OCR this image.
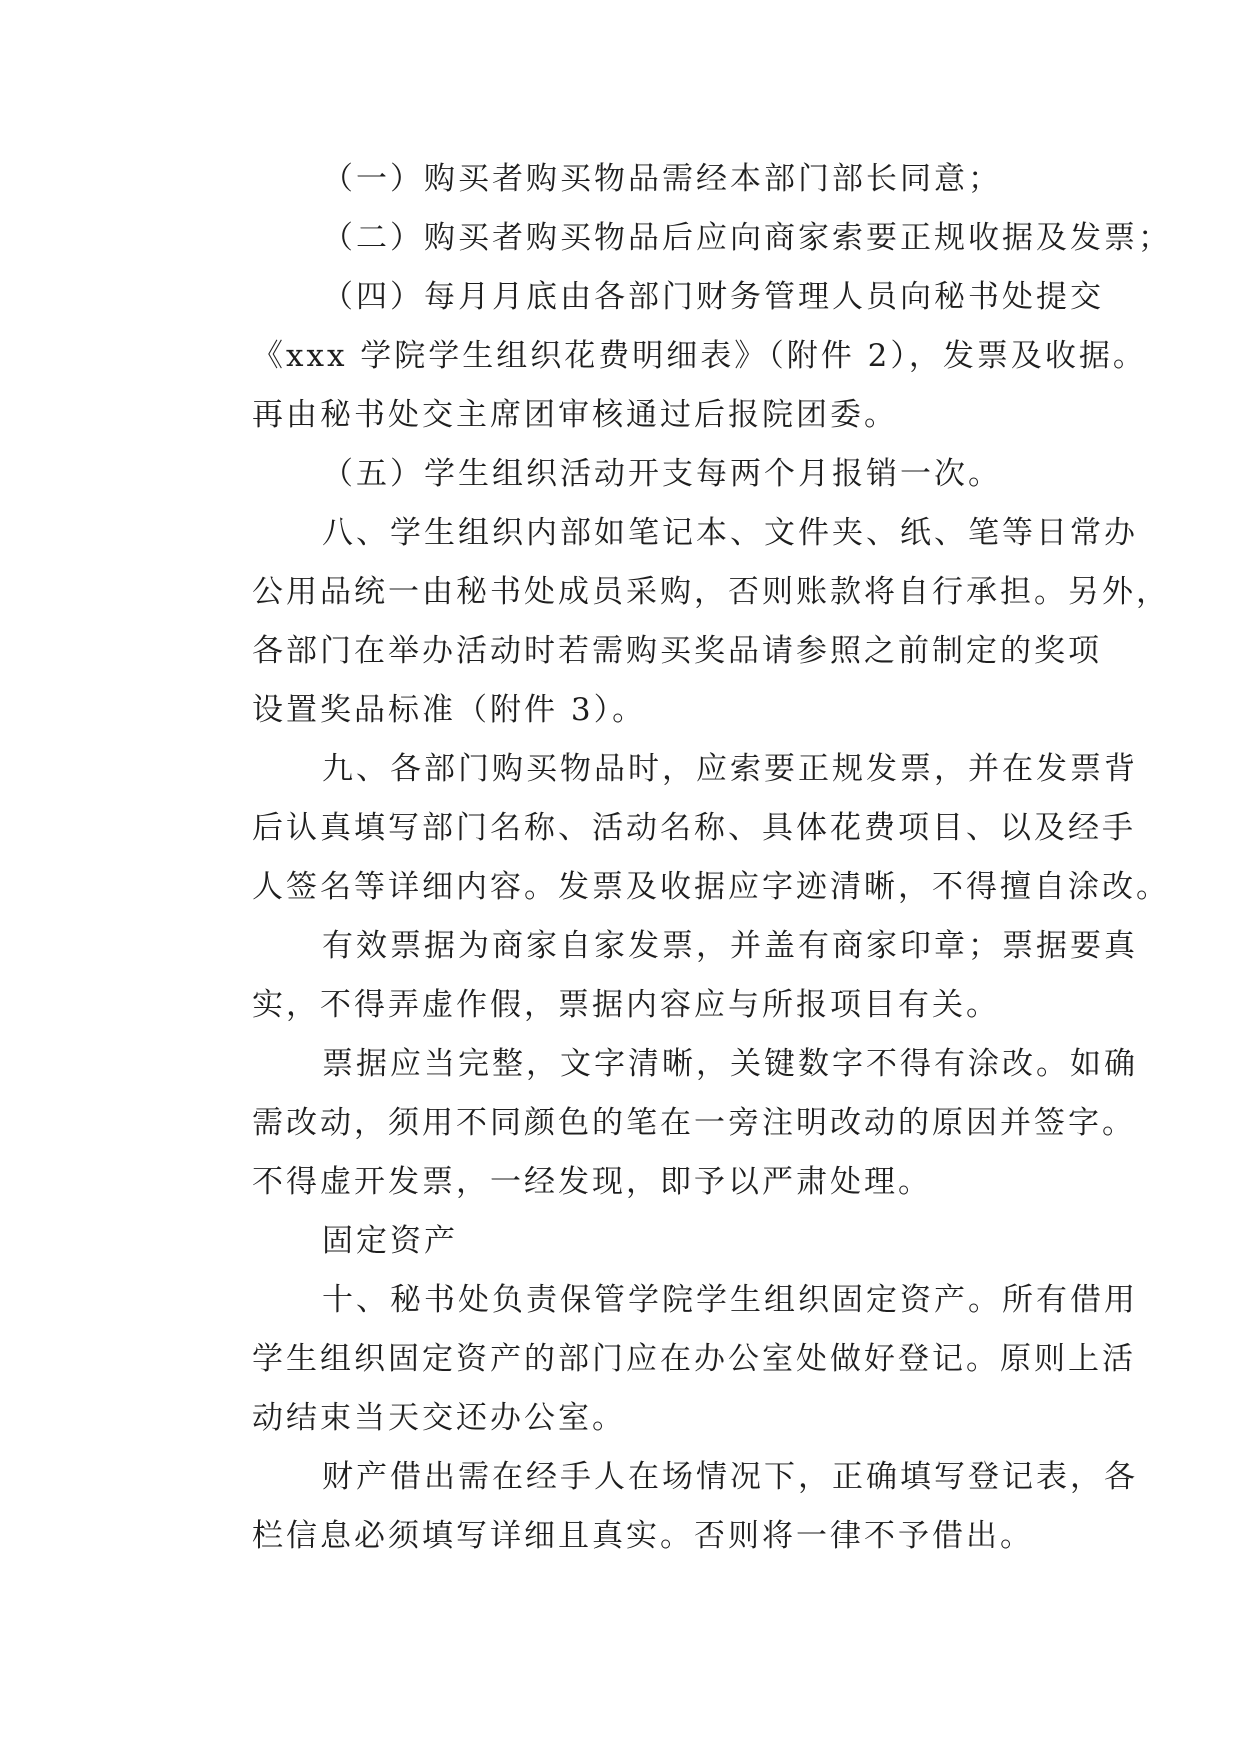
（一）购买者购买物品需经本部门部长同意；

（二）购买者购买物品后应向商家索要正规收据及发票；

（四）每月月底由各部门财务管理人员向秘书处提交
《xxx 学院学生组织花费明细表》（附件 2），发票及收据。
再由秘书处交主席团审核通过后报院团委。

（五）学生组织活动开支每两个月报销一次。

八、学生组织内部如笔记本、文件夹、纸、笔等日常办
公用品统一由秘书处成员采购，否则账款将自行承担。另外，
各部门在举办活动时若需购买奖品请参照之前制定的奖项
设置奖品标准（附件 3）。

九、各部门购买物品时，应索要正规发票，并在发票背
后认真填写部门名称、活动名称、具体花费项目、以及经手
人签名等详细内容。发票及收据应字迹清晰，不得擅自涂改。

有效票据为商家自家发票，并盖有商家印章；票据要真
实，不得弄虚作假，票据内容应与所报项目有关。

票据应当完整，文字清晰，关键数字不得有涂改。如确
需改动，须用不同颜色的笔在一旁注明改动的原因并签字。
不得虚开发票，一经发现，即予以严肃处理。

固定资产

十、秘书处负责保管学院学生组织固定资产。所有借用
学生组织固定资产的部门应在办公室处做好登记。原则上活
动结束当天交还办公室。

财产借出需在经手人在场情况下，正确填写登记表，各
栏信息必须填写详细且真实。否则将一律不予借出。
